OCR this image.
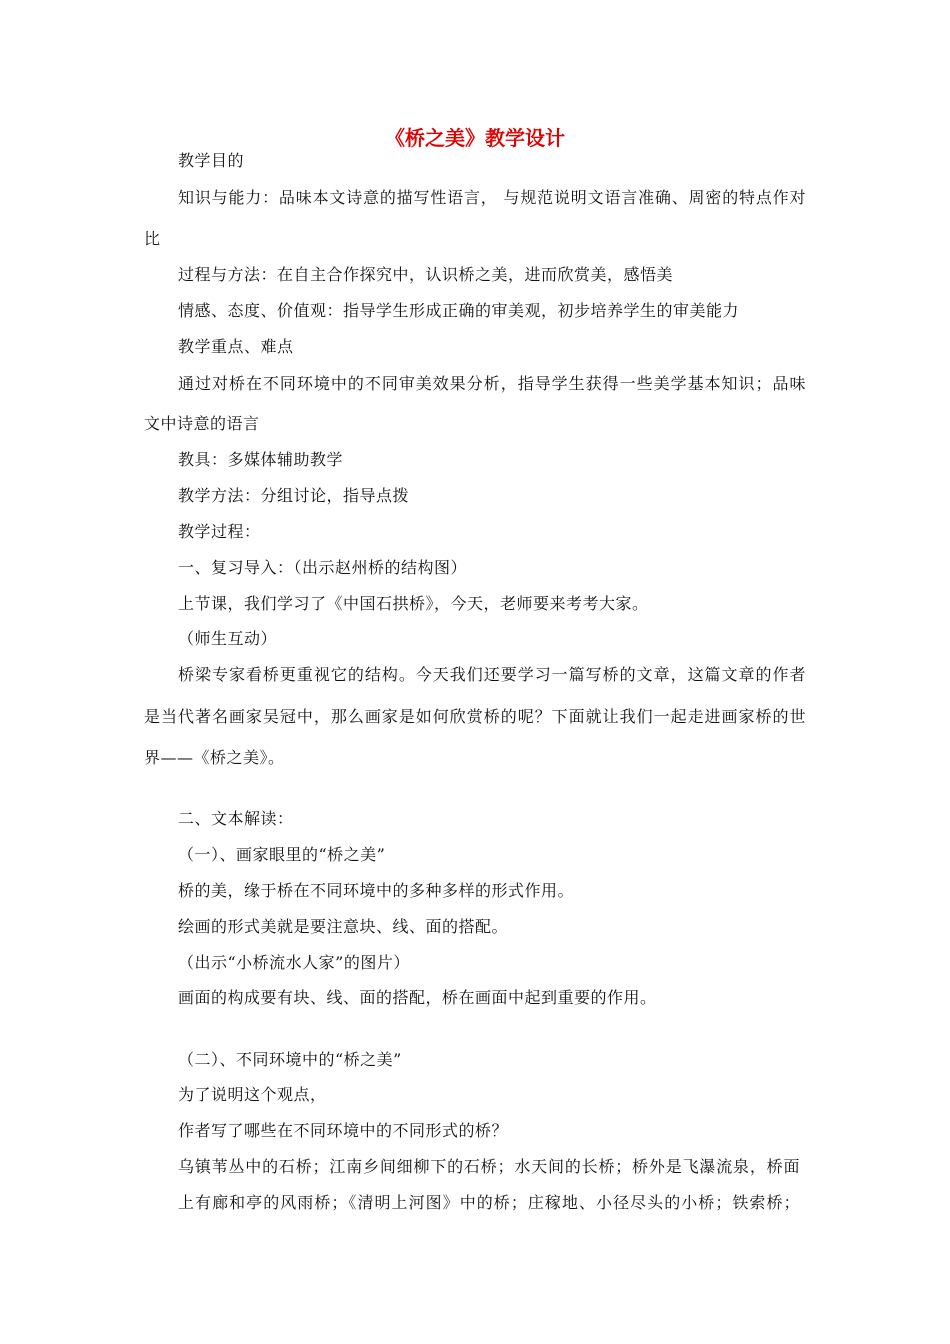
《桥之美》教学设计
教学目的
知识与能力：品味本文诗意的描写性语言， 与规范说明文语言准确、周密的特点作对
比
过程与方法：在自主合作探究中，认识桥之美，进而欣赏美，感悟美
情感、态度、价值观：指导学生形成正确的审美观，初步培养学生的审美能力
教学重点、难点
通过对桥在不同环境中的不同审美效果分析，指导学生获得一些美学基本知识；品味
文中诗意的语言
教具：多媒体辅助教学
教学方法：分组讨论，指导点拨
教学过程：
一、复习导入：（出示赵州桥的结构图）
上节课，我们学习了《中国石拱桥》，今天，老师要来考考大家。
（师生互动）
桥梁专家看桥更重视它的结构。今天我们还要学习一篇写桥的文章，这篇文章的作者
是当代著名画家吴冠中，那么画家是如何欣赏桥的呢？下面就让我们一起走进画家桥的世
界——《桥之美》。
二、文本解读：
（一）、画家眼里的“桥之美”
桥的美，缘于桥在不同环境中的多种多样的形式作用。
绘画的形式美就是要注意块、线、面的搭配。
（出示“小桥流水人家”的图片）
画面的构成要有块、线、面的搭配，桥在画面中起到重要的作用。
（二）、不同环境中的“桥之美”
为了说明这个观点，
作者写了哪些在不同环境中的不同形式的桥？
乌镇苇丛中的石桥；江南乡间细柳下的石桥；水天间的长桥；桥外是飞瀑流泉，桥面
上有廊和亭的风雨桥；《清明上河图》中的桥；庄稼地、小径尽头的小桥；铁索桥；
